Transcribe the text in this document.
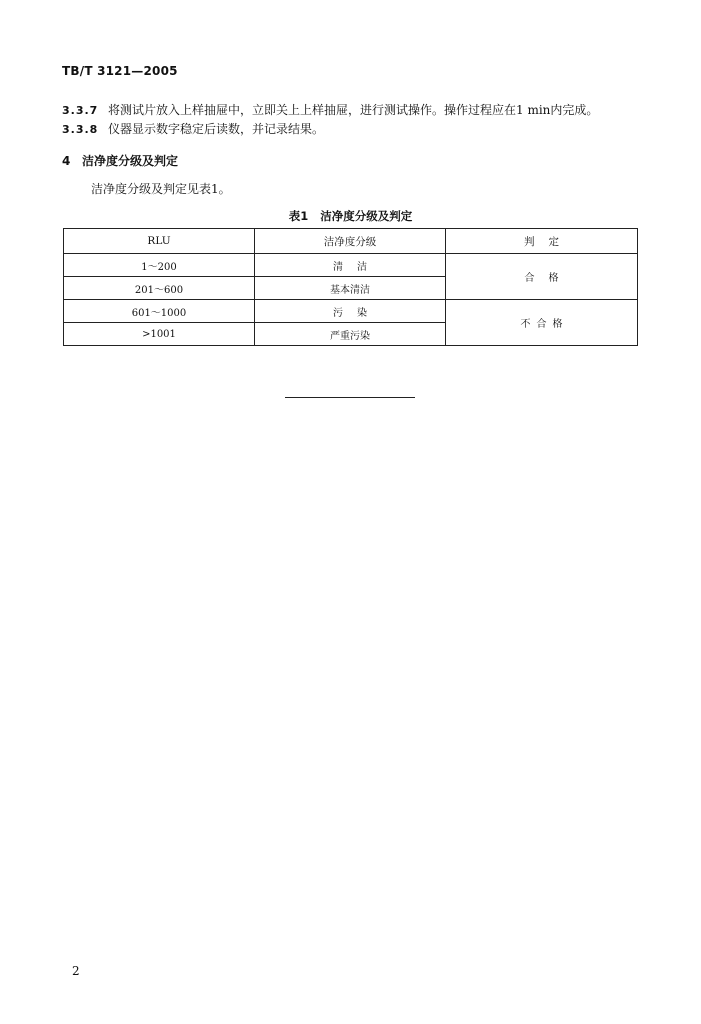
TB/T 3121—2005
3.3.7 将测试片放入上样抽屉中，立即关上上样抽屉，进行测试操作。操作过程应在1 min内完成。
3.3.8 仪器显示数字稳定后读数，并记录结果。
4 洁净度分级及判定
洁净度分级及判定见表1。
表1 洁净度分级及判定
RLU	洁净度分级	判定
1～200	清洁	合格
201～600	基本清洁	
601～1000	污染	不合格
>1001	严重污染	
2
